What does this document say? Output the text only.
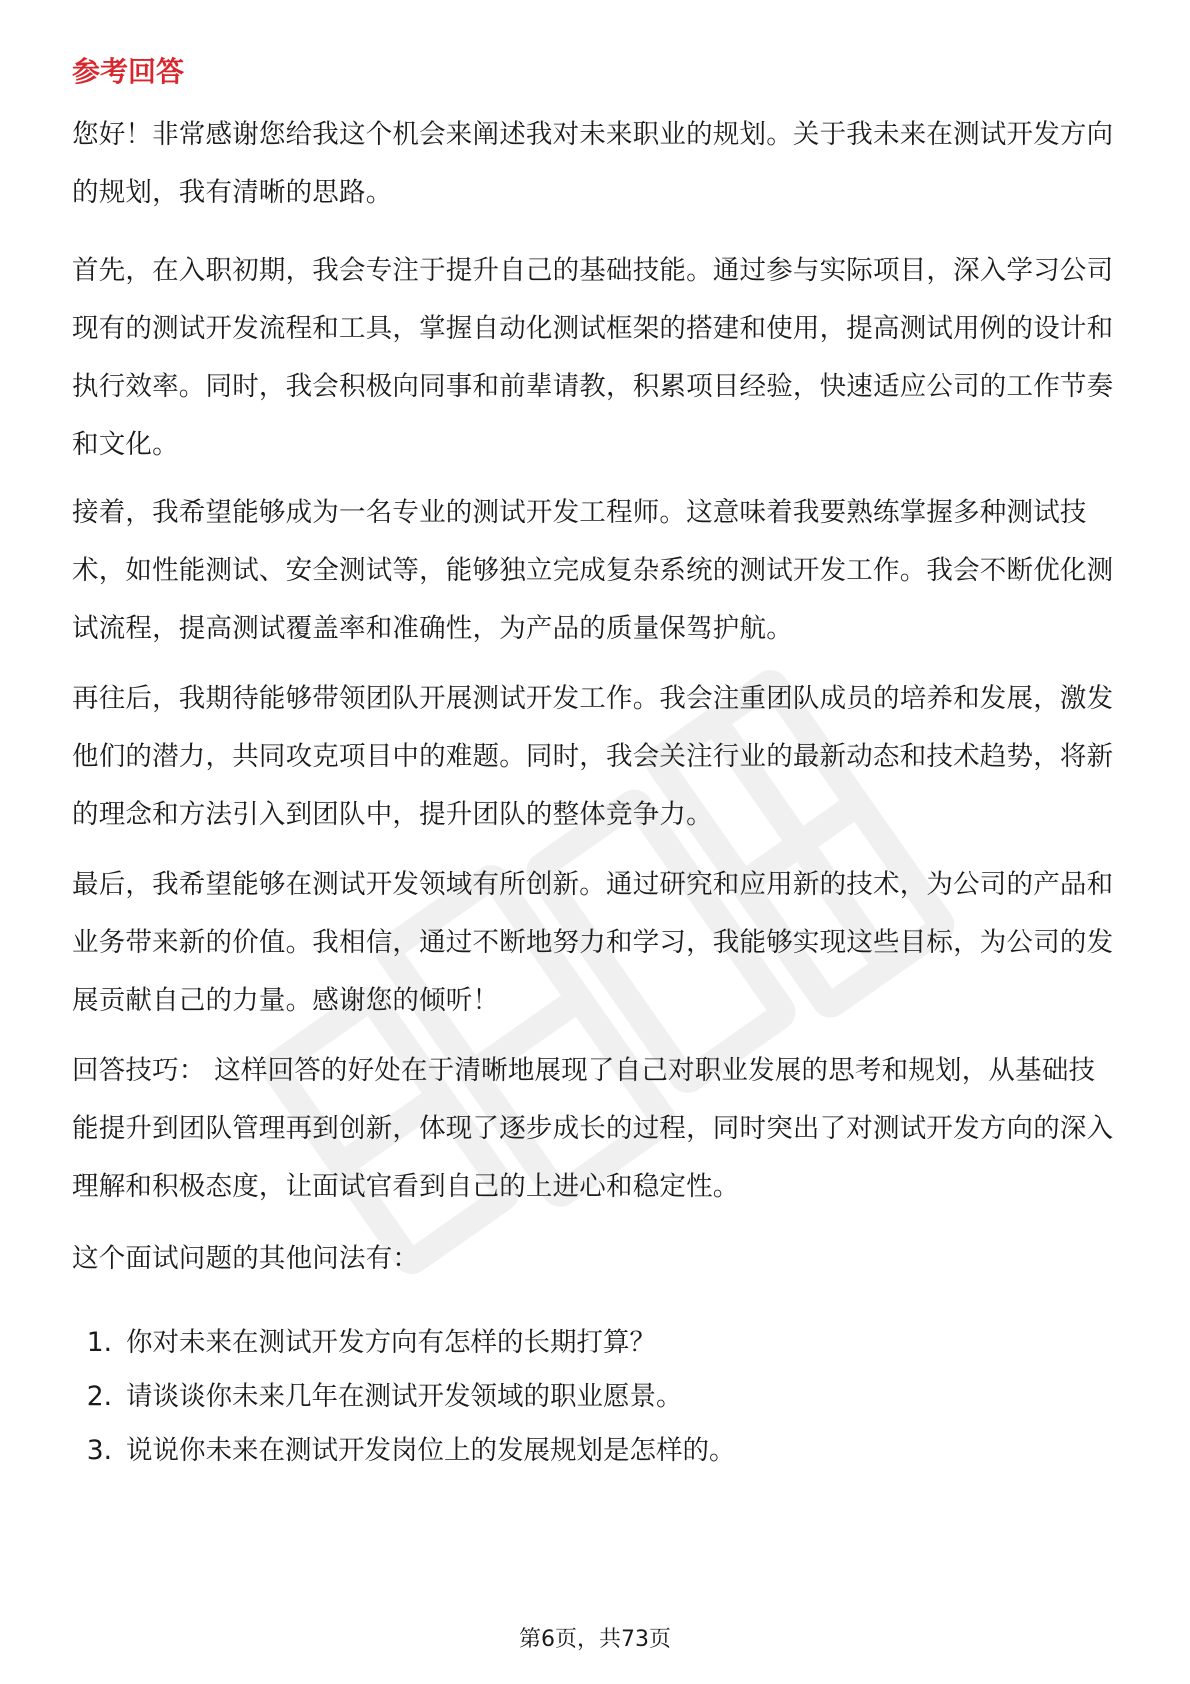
参考回答

您好！非常感谢您给我这个机会来阐述我对未来职业的规划。关于我未来在测试开发方向的规划，我有清晰的思路。

首先，在入职初期，我会专注于提升自己的基础技能。通过参与实际项目，深入学习公司现有的测试开发流程和工具，掌握自动化测试框架的搭建和使用，提高测试用例的设计和执行效率。同时，我会积极向同事和前辈请教，积累项目经验，快速适应公司的工作节奏和文化。

接着，我希望能够成为一名专业的测试开发工程师。这意味着我要熟练掌握多种测试技术，如性能测试、安全测试等，能够独立完成复杂系统的测试开发工作。我会不断优化测试流程，提高测试覆盖率和准确性，为产品的质量保驾护航。

再往后，我期待能够带领团队开展测试开发工作。我会注重团队成员的培养和发展，激发他们的潜力，共同攻克项目中的难题。同时，我会关注行业的最新动态和技术趋势，将新的理念和方法引入到团队中，提升团队的整体竞争力。

最后，我希望能够在测试开发领域有所创新。通过研究和应用新的技术，为公司的产品和业务带来新的价值。我相信，通过不断地努力和学习，我能够实现这些目标，为公司的发展贡献自己的力量。感谢您的倾听！

回答技巧： 这样回答的好处在于清晰地展现了自己对职业发展的思考和规划，从基础技能提升到团队管理再到创新，体现了逐步成长的过程，同时突出了对测试开发方向的深入理解和积极态度，让面试官看到自己的上进心和稳定性。

这个面试问题的其他问法有：

1. 你对未来在测试开发方向有怎样的长期打算？
2. 请谈谈你未来几年在测试开发领域的职业愿景。
3. 说说你未来在测试开发岗位上的发展规划是怎样的。
第6页，共73页
